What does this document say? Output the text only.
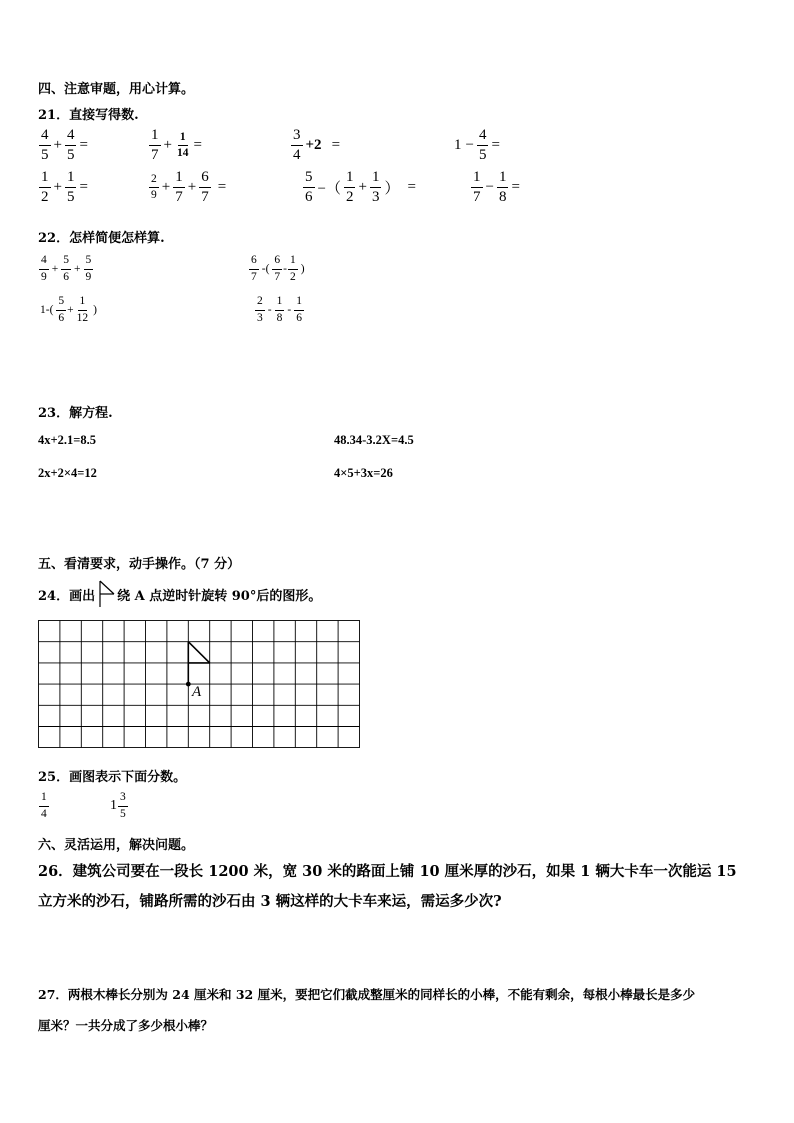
四、注意审题，用心计算。
21．直接写得数.
$\frac{4}{5} + \frac{4}{5}$ =	$\frac{1}{7} + \frac{1}{14}$ =	$\frac{3}{4} +2$ =	$1 - \frac{4}{5}$ =
$\frac{1}{2} + \frac{1}{5}$ =	$\frac{2}{9} + \frac{1}{7} + \frac{6}{7}$ =	$\frac{5}{6}$ −（ $\frac{1}{2} + \frac{1}{3}$ ） =	$\frac{1}{7} - \frac{1}{8}$ =
22．怎样简便怎样算.
$\frac{4}{9} + \frac{5}{6} + \frac{5}{9}$	$\frac{6}{7}$ -( $\frac{6}{7} - \frac{1}{2}$ )
$1-( \frac{5}{6} + \frac{1}{12}$ )	$\frac{2}{3} - \frac{1}{8} - \frac{1}{6}$
23．解方程.
4x+2.1=8.5	48.34-3.2X=4.5
2x+2×4=12	4×5+3x=26
五、看清要求，动手操作。（7 分）
24．画出 绕 A 点逆时针旋转 90°后的图形。
A
25．画图表示下面分数。
$\frac{1}{4}$	$1 \frac{3}{5}$
六、灵活运用，解决问题。
26．建筑公司要在一段长 1200 米，宽 30 米的路面上铺 10 厘米厚的沙石，如果 1 辆大卡车一次能运 15
立方米的沙石，铺路所需的沙石由 3 辆这样的大卡车来运，需运多少次?
27．两根木棒长分别为 24 厘米和 32 厘米，要把它们截成整厘米的同样长的小棒，不能有剩余，每根小棒最长是多少
厘米？一共分成了多少根小棒？
